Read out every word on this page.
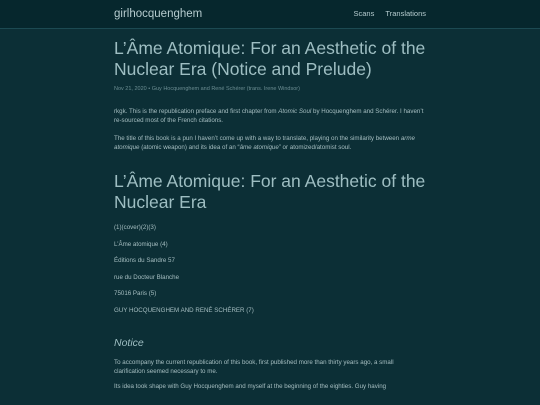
girlhocquenghem	Scans Translations
L’Âme Atomique: For an Aesthetic of the Nuclear Era (Notice and Prelude)
Nov 21, 2020 • Guy Hocquenghem and René Schérer (trans. Irene Windsor)

rkgk. This is the republication preface and first chapter from Atomic Soul by Hocquenghem and Schérer. I haven’t re-sourced most of the French citations.

The title of this book is a pun I haven’t come up with a way to translate, playing on the similarity between arme atomique (atomic weapon) and its idea of an “âme atomique” or atomized/atomist soul.

L’Âme Atomique: For an Aesthetic of the Nuclear Era

(1)(cover)(2)(3)

L’Âme atomique (4)

Éditions du Sandre 57

rue du Docteur Blanche

75016 Paris (5)

GUY HOCQUENGHEM AND RENÉ SCHÉRER (7)

Notice

To accompany the current republication of this book, first published more than thirty years ago, a small clarification seemed necessary to me.

Its idea took shape with Guy Hocquenghem and myself at the beginning of the eighties. Guy having
